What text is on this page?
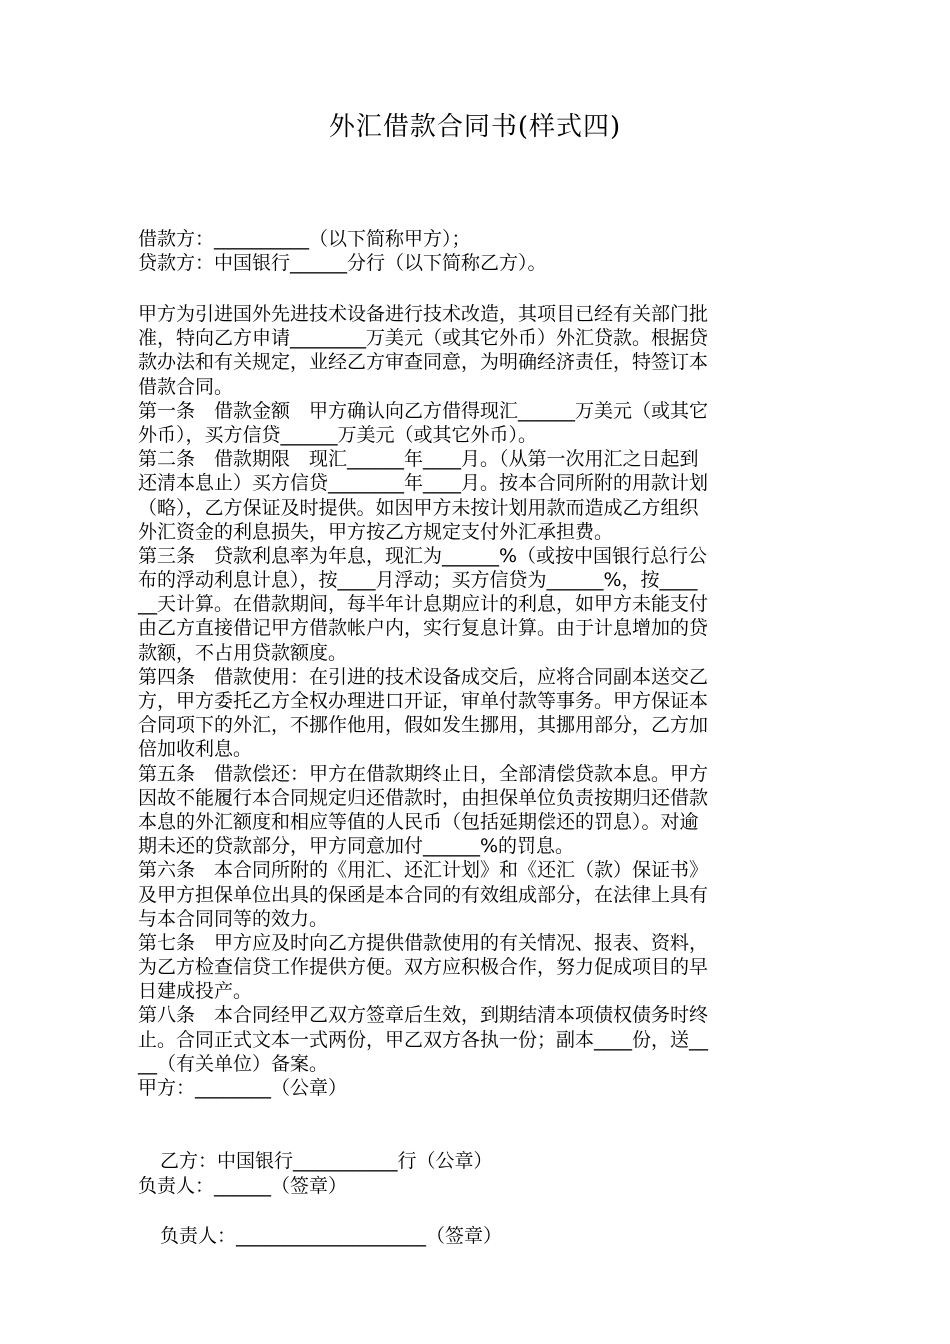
外汇借款合同书(样式四)
借款方：__________（以下简称甲方）；
贷款方：中国银行______分行（以下简称乙方）。
甲方为引进国外先进技术设备进行技术改造，其项目已经有关部门批
准，特向乙方申请________万美元（或其它外币）外汇贷款。根据贷
款办法和有关规定，业经乙方审查同意，为明确经济责任，特签订本
借款合同。
第一条　借款金额　甲方确认向乙方借得现汇______万美元（或其它
外币），买方信贷______万美元（或其它外币）。
第二条　借款期限　现汇______年____月。（从第一次用汇之日起到
还清本息止）买方信贷________年____月。按本合同所附的用款计划
（略），乙方保证及时提供。如因甲方未按计划用款而造成乙方组织
外汇资金的利息损失，甲方按乙方规定支付外汇承担费。
第三条　贷款利息率为年息，现汇为______%（或按中国银行总行公
布的浮动利息计息），按____月浮动；买方信贷为______%，按____
__天计算。在借款期间，每半年计息期应计的利息，如甲方未能支付
由乙方直接借记甲方借款帐户内，实行复息计算。由于计息增加的贷
款额，不占用贷款额度。
第四条　借款使用：在引进的技术设备成交后，应将合同副本送交乙
方，甲方委托乙方全权办理进口开证，审单付款等事务。甲方保证本
合同项下的外汇，不挪作他用，假如发生挪用，其挪用部分，乙方加
倍加收利息。
第五条　借款偿还：甲方在借款期终止日，全部清偿贷款本息。甲方
因故不能履行本合同规定归还借款时，由担保单位负责按期归还借款
本息的外汇额度和相应等值的人民币（包括延期偿还的罚息）。对逾
期未还的贷款部分，甲方同意加付______%的罚息。
第六条　本合同所附的《用汇、还汇计划》和《还汇（款）保证书》
及甲方担保单位出具的保函是本合同的有效组成部分，在法律上具有
与本合同同等的效力。
第七条　甲方应及时向乙方提供借款使用的有关情况、报表、资料，
为乙方检查信贷工作提供方便。双方应积极合作，努力促成项目的早
日建成投产。
第八条　本合同经甲乙双方签章后生效，到期结清本项债权债务时终
止。合同正式文本一式两份，甲乙双方各执一份；副本____份，送__
__（有关单位）备案。
甲方：________（公章）
乙方：中国银行___________行（公章）
负责人：______（签章）
负责人：____________________（签章）
